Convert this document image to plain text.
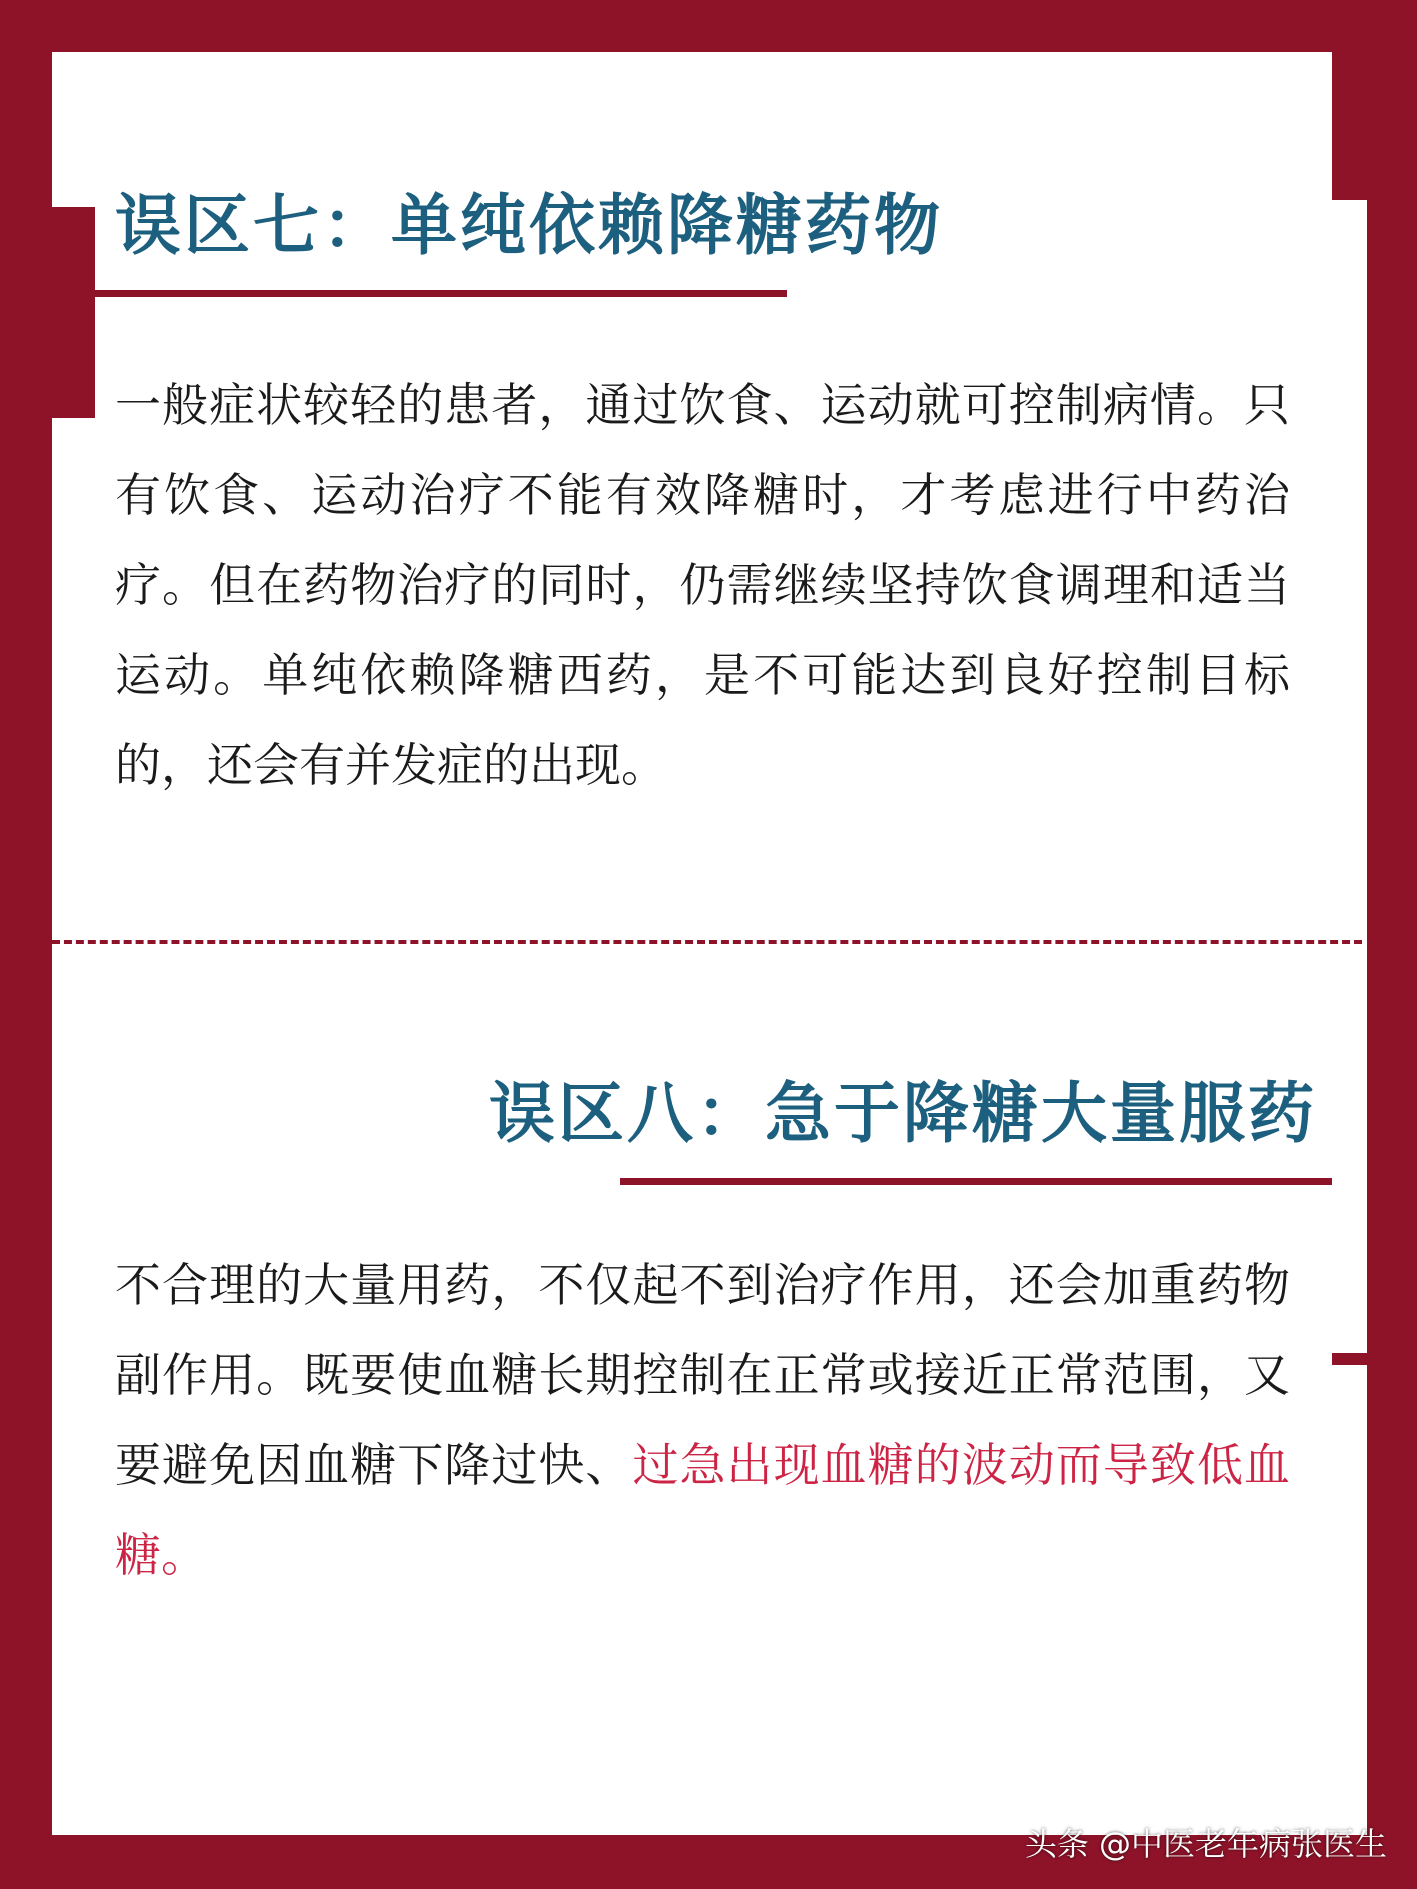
误区七：单纯依赖降糖药物

一般症状较轻的患者，通过饮食、运动就可控制病情。只有饮食、运动治疗不能有效降糖时，才考虑进行中药治疗。但在药物治疗的同时，仍需继续坚持饮食调理和适当运动。单纯依赖降糖西药，是不可能达到良好控制目标的，还会有并发症的出现。

误区八：急于降糖大量服药

不合理的大量用药，不仅起不到治疗作用，还会加重药物副作用。既要使血糖长期控制在正常或接近正常范围，又要避免因血糖下降过快、过急出现血糖的波动而导致低血糖。

头条 @中医老年病张医生
